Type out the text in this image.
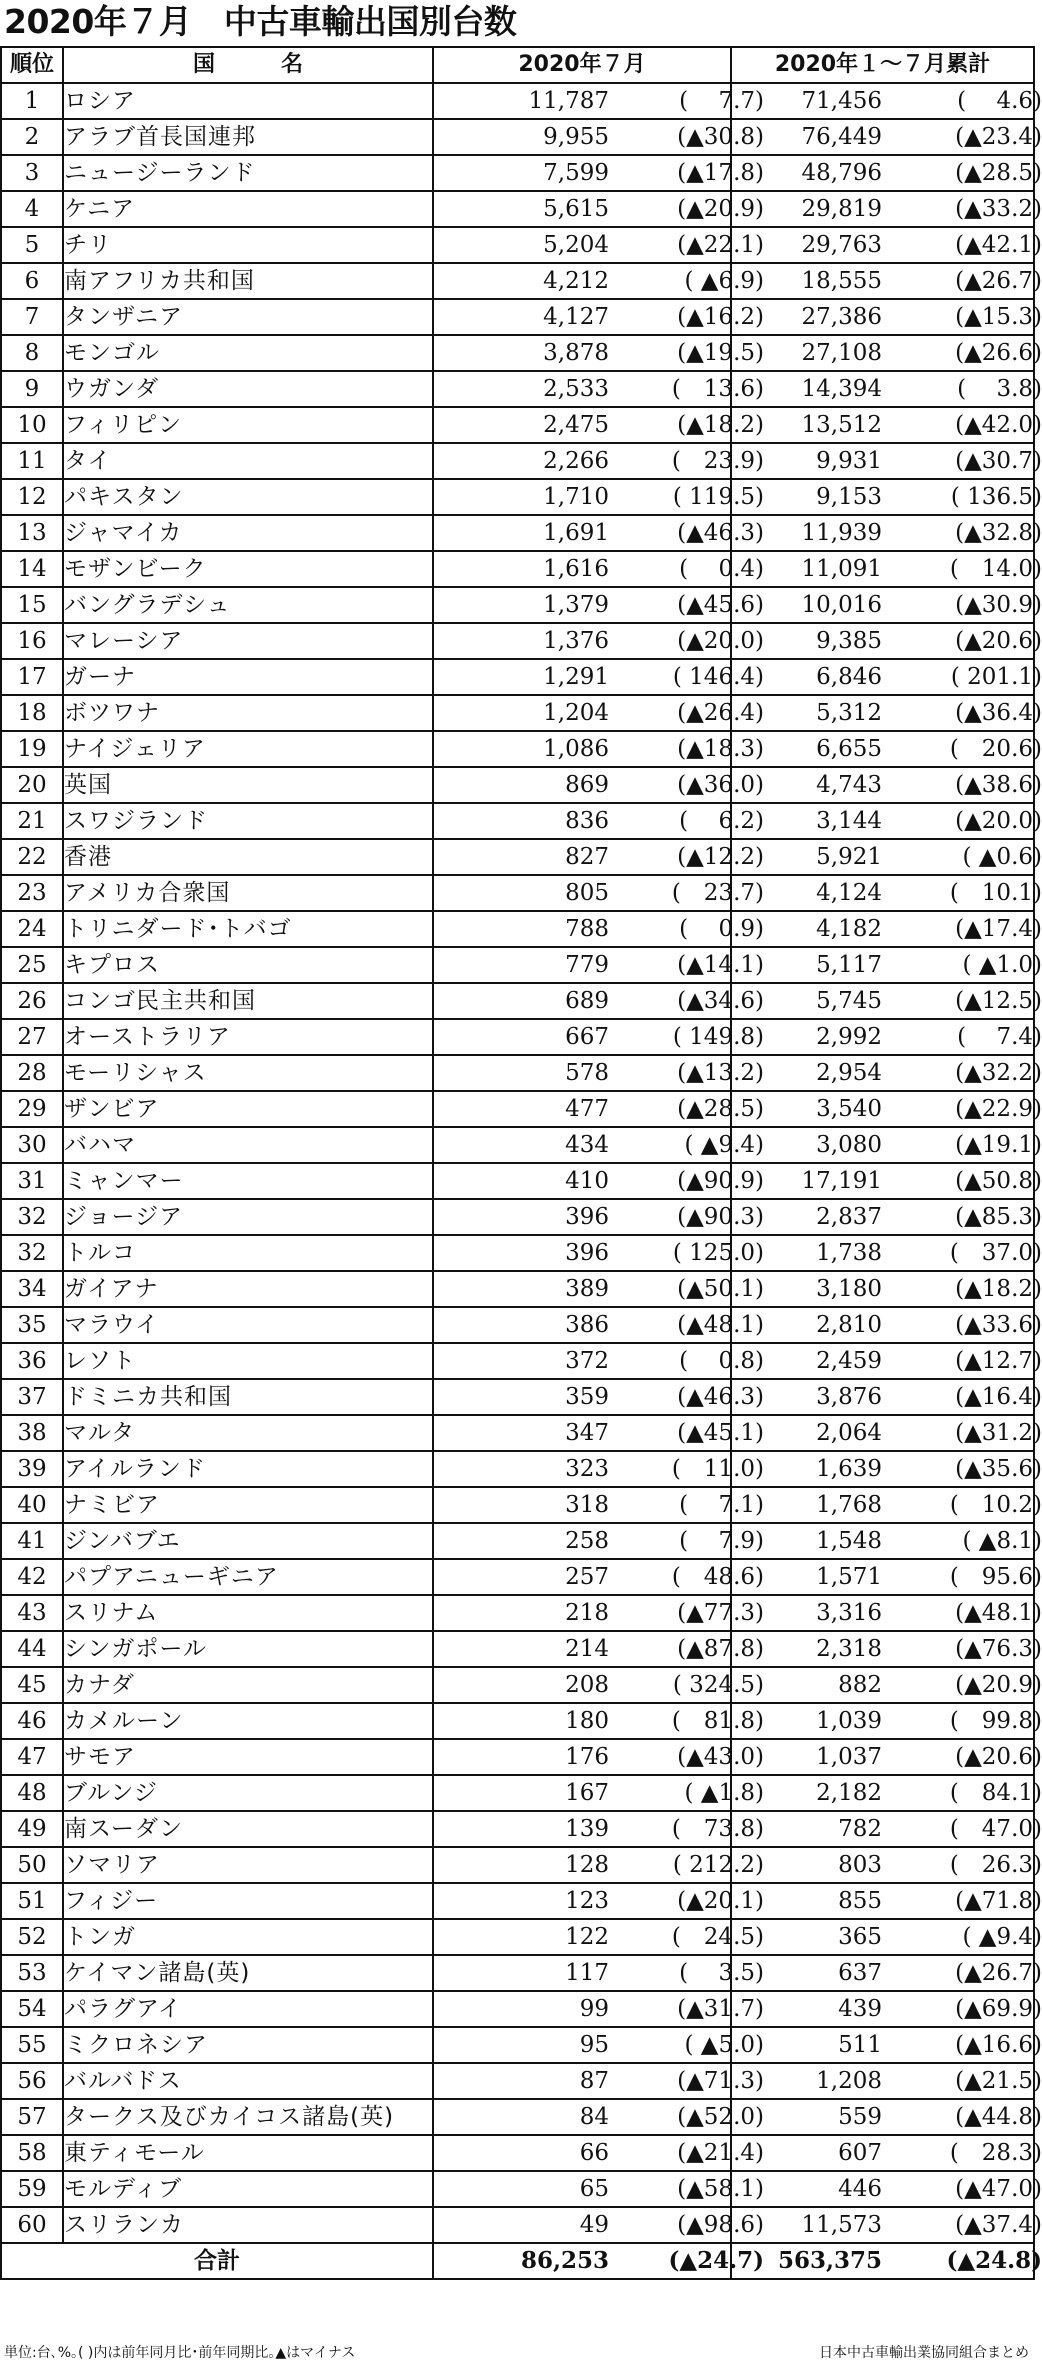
2020年７月　中古車輸出国別台数
順位	国　　　名	2020年７月	2020年１～７月累計
1	ロシア	11,787 (　 7.7)	71,456 (　 4.6)

2	アラブ首長国連邦	9,955 (▲30.8)	76,449 (▲23.4)

3	ニュージーランド	7,599 (▲17.8)	48,796 (▲28.5)

4	ケニア	5,615 (▲20.9)	29,819 (▲33.2)

5	チリ	5,204 (▲22.1)	29,763 (▲42.1)

6	南アフリカ共和国	4,212 ( ▲6.9)	18,555 (▲26.7)

7	タンザニア	4,127 (▲16.2)	27,386 (▲15.3)

8	モンゴル	3,878 (▲19.5)	27,108 (▲26.6)

9	ウガンダ	2,533 (　13.6)	14,394 (　 3.8)

10	フィリピン	2,475 (▲18.2)	13,512 (▲42.0)

11	タイ	2,266 (　23.9)	9,931 (▲30.7)

12	パキスタン	1,710 ( 119.5)	9,153 ( 136.5)

13	ジャマイカ	1,691 (▲46.3)	11,939 (▲32.8)

14	モザンビーク	1,616 (　 0.4)	11,091 (　14.0)

15	バングラデシュ	1,379 (▲45.6)	10,016 (▲30.9)

16	マレーシア	1,376 (▲20.0)	9,385 (▲20.6)

17	ガーナ	1,291 ( 146.4)	6,846 ( 201.1)

18	ボツワナ	1,204 (▲26.4)	5,312 (▲36.4)

19	ナイジェリア	1,086 (▲18.3)	6,655 (　20.6)

20	英国	869 (▲36.0)	4,743 (▲38.6)

21	スワジランド	836 (　 6.2)	3,144 (▲20.0)

22	香港	827 (▲12.2)	5,921 ( ▲0.6)

23	アメリカ合衆国	805 (　23.7)	4,124 (　10.1)

24	トリニダード･トバゴ	788 (　 0.9)	4,182 (▲17.4)

25	キプロス	779 (▲14.1)	5,117 ( ▲1.0)

26	コンゴ民主共和国	689 (▲34.6)	5,745 (▲12.5)

27	オーストラリア	667 ( 149.8)	2,992 (　 7.4)

28	モーリシャス	578 (▲13.2)	2,954 (▲32.2)

29	ザンビア	477 (▲28.5)	3,540 (▲22.9)

30	バハマ	434 ( ▲9.4)	3,080 (▲19.1)

31	ミャンマー	410 (▲90.9)	17,191 (▲50.8)

32	ジョージア	396 (▲90.3)	2,837 (▲85.3)

32	トルコ	396 ( 125.0)	1,738 (　37.0)

34	ガイアナ	389 (▲50.1)	3,180 (▲18.2)

35	マラウイ	386 (▲48.1)	2,810 (▲33.6)

36	レソト	372 (　 0.8)	2,459 (▲12.7)

37	ドミニカ共和国	359 (▲46.3)	3,876 (▲16.4)

38	マルタ	347 (▲45.1)	2,064 (▲31.2)

39	アイルランド	323 (　11.0)	1,639 (▲35.6)

40	ナミビア	318 (　 7.1)	1,768 (　10.2)

41	ジンバブエ	258 (　 7.9)	1,548 ( ▲8.1)

42	パプアニューギニア	257 (　48.6)	1,571 (　95.6)

43	スリナム	218 (▲77.3)	3,316 (▲48.1)

44	シンガポール	214 (▲87.8)	2,318 (▲76.3)

45	カナダ	208 ( 324.5)	882 (▲20.9)

46	カメルーン	180 (　81.8)	1,039 (　99.8)

47	サモア	176 (▲43.0)	1,037 (▲20.6)

48	ブルンジ	167 ( ▲1.8)	2,182 (　84.1)

49	南スーダン	139 (　73.8)	782 (　47.0)

50	ソマリア	128 ( 212.2)	803 (　26.3)

51	フィジー	123 (▲20.1)	855 (▲71.8)

52	トンガ	122 (　24.5)	365 ( ▲9.4)

53	ケイマン諸島(英)	117 (　 3.5)	637 (▲26.7)

54	パラグアイ	99 (▲31.7)	439 (▲69.9)

55	ミクロネシア	95 ( ▲5.0)	511 (▲16.6)

56	バルバドス	87 (▲71.3)	1,208 (▲21.5)

57	タークス及びカイコス諸島(英)	84 (▲52.0)	559 (▲44.8)

58	東ティモール	66 (▲21.4)	607 (　28.3)

59	モルディブ	65 (▲58.1)	446 (▲47.0)

60	スリランカ	49 (▲98.6)	11,573 (▲37.4)

合計		86,253 (▲24.7)	563,375 (▲24.8)
単位:台､%｡( )内は前年同月比･前年同期比｡▲はマイナス	日本中古車輸出業協同組合まとめ
